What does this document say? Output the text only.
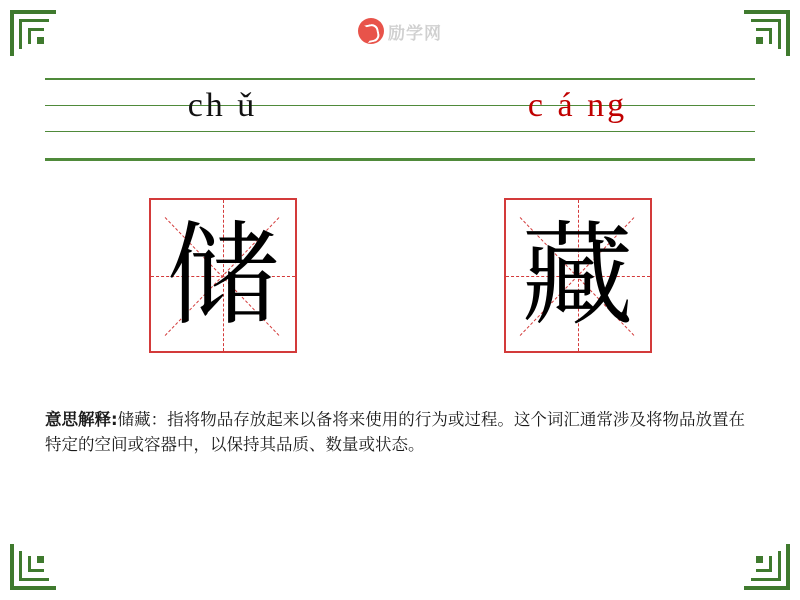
励学网
ch ǔ	c á ng
储 藏
意思解释:储藏：指将物品存放起来以备将来使用的行为或过程。这个词汇通常涉及将物品放置在特定的空间或容器中，以保持其品质、数量或状态。
